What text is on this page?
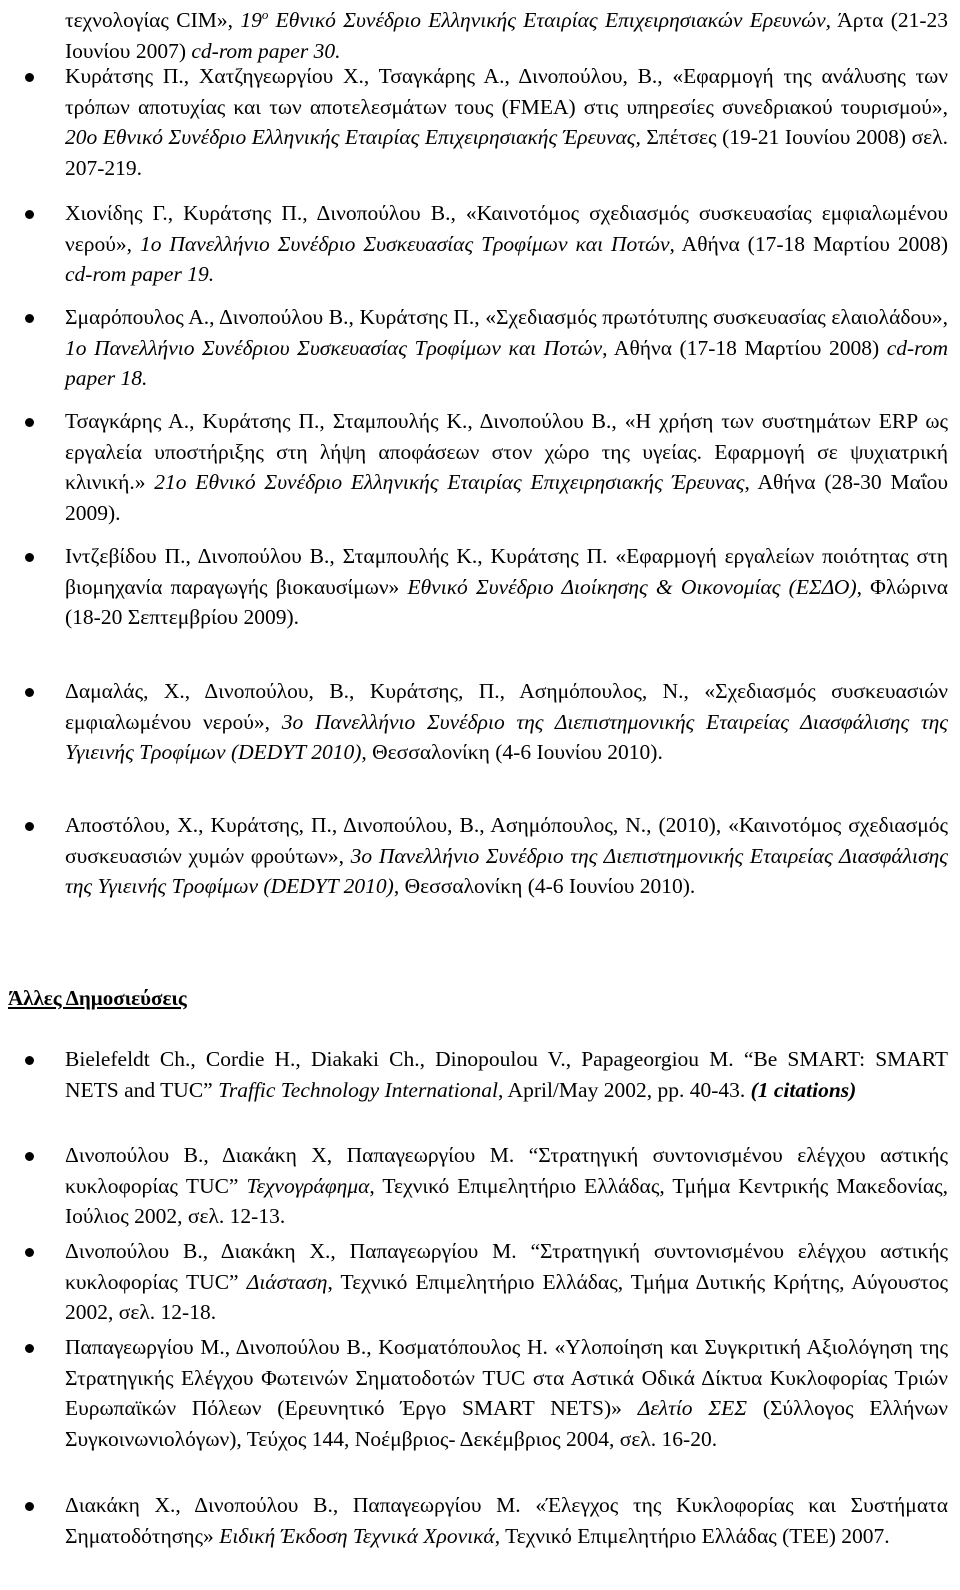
τεχνολογίας CIM», $19^o$ Εθνικό Συνέδριο Ελληνικής Εταιρίας Επιχειρησιακών Ερευνών, Άρτα (21-23 Ιουνίου 2007) cd-rom paper 30.
Κυράτσης Π., Χατζηγεωργίου Χ., Τσαγκάρης Α., Δινοπούλου, Β., «Εφαρμογή της ανάλυσης των τρόπων αποτυχίας και των αποτελεσμάτων τους (FMEA) στις υπηρεσίες συνεδριακού τουρισμού», 20ο Εθνικό Συνέδριο Ελληνικής Εταιρίας Επιχειρησιακής Έρευνας, Σπέτσες (19-21 Ιουνίου 2008) σελ. 207-219.
Χιονίδης Γ., Κυράτσης Π., Δινοπούλου Β., «Καινοτόμος σχεδιασμός συσκευασίας εμφιαλωμένου νερού», 1ο Πανελλήνιο Συνέδριο Συσκευασίας Τροφίμων και Ποτών, Αθήνα (17-18 Μαρτίου 2008) cd-rom paper 19.
Σμαρόπουλος Α., Δινοπούλου Β., Κυράτσης Π., «Σχεδιασμός πρωτότυπης συσκευασίας ελαιολάδου», 1ο Πανελλήνιο Συνέδριου Συσκευασίας Τροφίμων και Ποτών, Αθήνα (17-18 Μαρτίου 2008) cd-rom paper 18.
Τσαγκάρης Α., Κυράτσης Π., Σταμπουλής Κ., Δινοπούλου Β., «Η χρήση των συστημάτων ERP ως εργαλεία υποστήριξης στη λήψη αποφάσεων στον χώρο της υγείας. Εφαρμογή σε ψυχιατρική κλινική.» 21ο Εθνικό Συνέδριο Ελληνικής Εταιρίας Επιχειρησιακής Έρευνας, Αθήνα (28-30 Μαΐου 2009).
Ιντζεβίδου Π., Δινοπούλου Β., Σταμπουλής Κ., Κυράτσης Π. «Εφαρμογή εργαλείων ποιότητας στη βιομηχανία παραγωγής βιοκαυσίμων» Εθνικό Συνέδριο Διοίκησης & Οικονομίας (ΕΣΔΟ), Φλώρινα (18-20 Σεπτεμβρίου 2009).
Δαμαλάς, Χ., Δινοπούλου, Β., Κυράτσης, Π., Ασημόπουλος, Ν., «Σχεδιασμός συσκευασιών εμφιαλωμένου νερού», 3ο Πανελλήνιο Συνέδριο της Διεπιστημονικής Εταιρείας Διασφάλισης της Υγιεινής Τροφίμων (DEDYT 2010), Θεσσαλονίκη (4-6 Ιουνίου 2010).
Αποστόλου, Χ., Κυράτσης, Π., Δινοπούλου, Β., Ασημόπουλος, Ν., (2010), «Καινοτόμος σχεδιασμός συσκευασιών χυμών φρούτων», 3ο Πανελλήνιο Συνέδριο της Διεπιστημονικής Εταιρείας Διασφάλισης της Υγιεινής Τροφίμων (DEDYT 2010), Θεσσαλονίκη (4-6 Ιουνίου 2010).
Άλλες Δημοσιεύσεις
Bielefeldt Ch., Cordie H., Diakaki Ch., Dinopoulou V., Papageorgiou M. “Be SMART: SMART NETS and TUC” Traffic Technology International, April/May 2002, pp. 40-43. (1 citations)
Δινοπούλου Β., Διακάκη Χ, Παπαγεωργίου Μ. “Στρατηγική συντονισμένου ελέγχου αστικής κυκλοφορίας TUC” Τεχνογράφημα, Τεχνικό Επιμελητήριο Ελλάδας, Τμήμα Κεντρικής Μακεδονίας, Ιούλιος 2002, σελ. 12-13.
Δινοπούλου Β., Διακάκη Χ., Παπαγεωργίου Μ. “Στρατηγική συντονισμένου ελέγχου αστικής κυκλοφορίας TUC” Διάσταση, Τεχνικό Επιμελητήριο Ελλάδας, Τμήμα Δυτικής Κρήτης, Αύγουστος 2002, σελ. 12-18.
Παπαγεωργίου Μ., Δινοπούλου Β., Κοσματόπουλος Η. «Υλοποίηση και Συγκριτική Αξιολόγηση της Στρατηγικής Ελέγχου Φωτεινών Σηματοδοτών TUC στα Αστικά Οδικά Δίκτυα Κυκλοφορίας Τριών Ευρωπαϊκών Πόλεων (Ερευνητικό Έργο SMART NETS)» Δελτίο ΣΕΣ (Σύλλογος Ελλήνων Συγκοινωνιολόγων), Τεύχος 144, Νοέμβριος- Δεκέμβριος 2004, σελ. 16-20.
Διακάκη Χ., Δινοπούλου Β., Παπαγεωργίου Μ. «Έλεγχος της Κυκλοφορίας και Συστήματα Σηματοδότησης» Ειδική Έκδοση Τεχνικά Χρονικά, Τεχνικό Επιμελητήριο Ελλάδας (ΤΕΕ) 2007.
